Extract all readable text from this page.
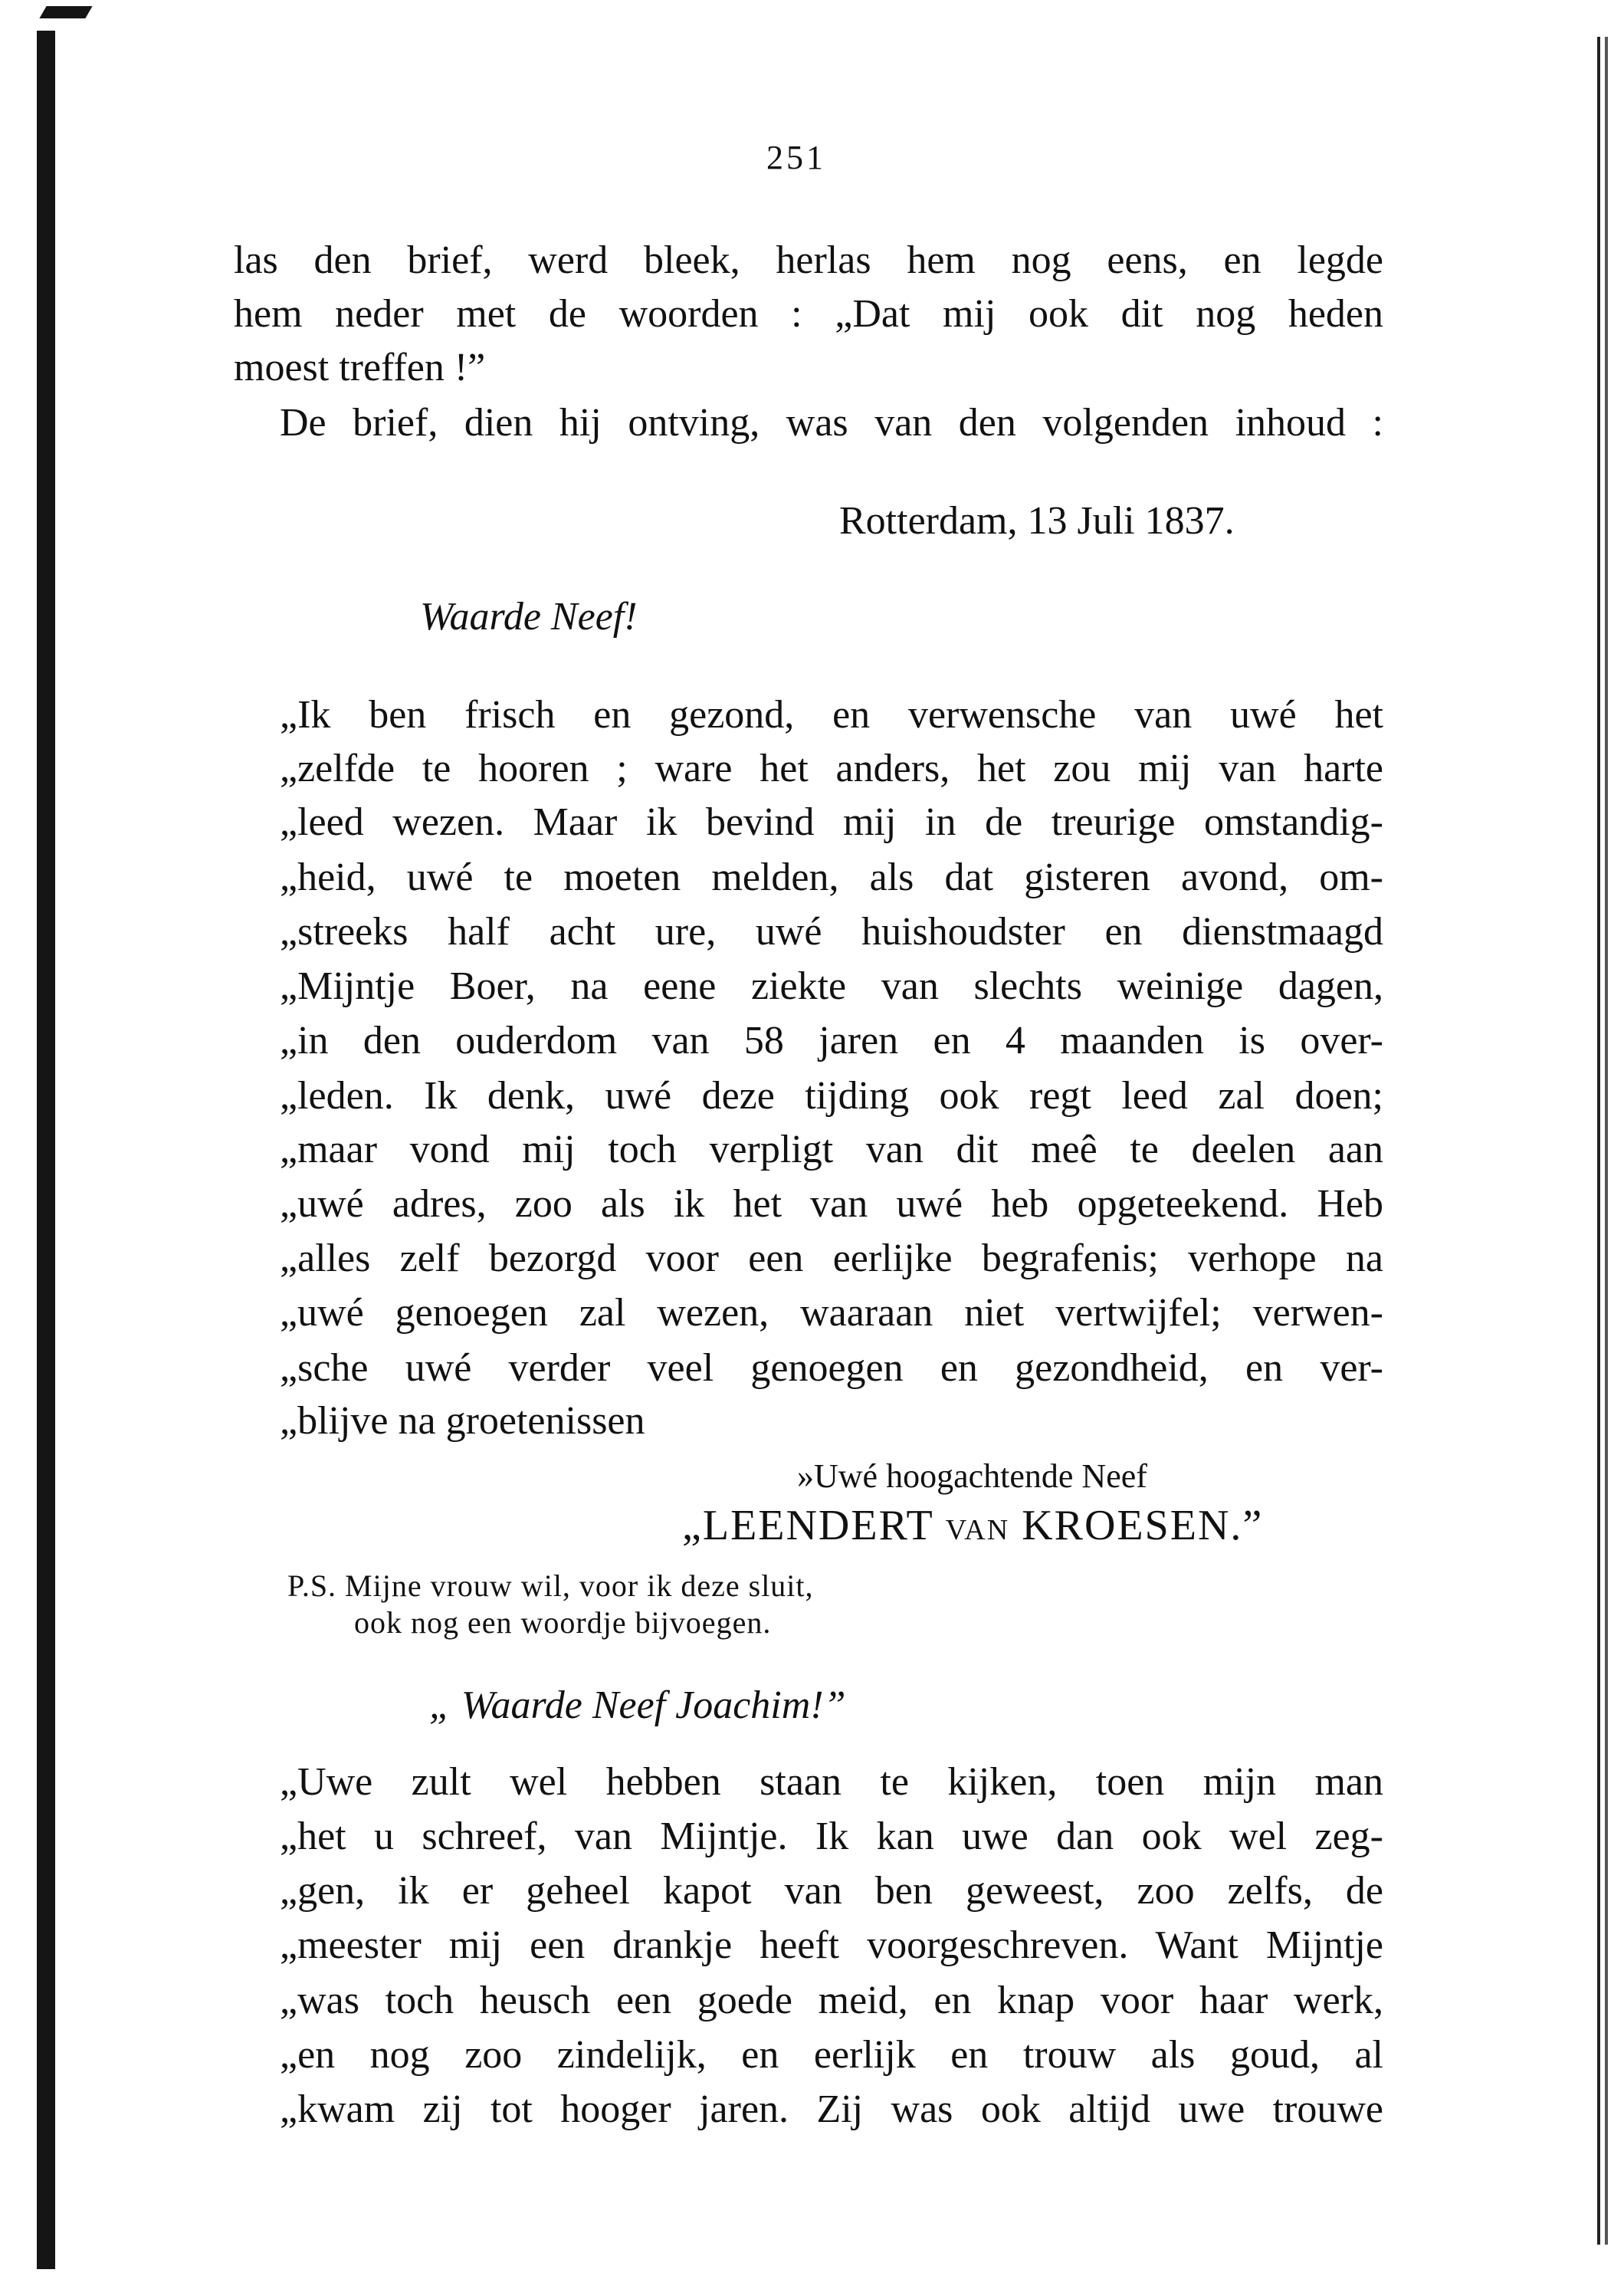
251
las den brief, werd bleek, herlas hem nog eens, en legde
hem neder met de woorden : „Dat mij ook dit nog heden
moest treffen !”
De brief, dien hij ontving, was van den volgenden inhoud :
Rotterdam, 13 Juli 1837.
Waarde Neef!
„Ik ben frisch en gezond, en verwensche van uwé het
„zelfde te hooren ; ware het anders, het zou mij van harte
„leed wezen. Maar ik bevind mij in de treurige omstandig-
„heid, uwé te moeten melden, als dat gisteren avond, om-
„streeks half acht ure, uwé huishoudster en dienstmaagd
„Mijntje Boer, na eene ziekte van slechts weinige dagen,
„in den ouderdom van 58 jaren en 4 maanden is over-
„leden. Ik denk, uwé deze tijding ook regt leed zal doen;
„maar vond mij toch verpligt van dit meê te deelen aan
„uwé adres, zoo als ik het van uwé heb opgeteekend. Heb
„alles zelf bezorgd voor een eerlijke begrafenis; verhope na
„uwé genoegen zal wezen, waaraan niet vertwijfel; verwen-
„sche uwé verder veel genoegen en gezondheid, en ver-
„blijve na groetenissen
»Uwé hoogachtende Neef
„LEENDERT VAN KROESEN.”
P.S. Mijne vrouw wil, voor ik deze sluit,
ook nog een woordje bijvoegen.
„ Waarde Neef Joachim!”
„Uwe zult wel hebben staan te kijken, toen mijn man
„het u schreef, van Mijntje. Ik kan uwe dan ook wel zeg-
„gen, ik er geheel kapot van ben geweest, zoo zelfs, de
„meester mij een drankje heeft voorgeschreven. Want Mijntje
„was toch heusch een goede meid, en knap voor haar werk,
„en nog zoo zindelijk, en eerlijk en trouw als goud, al
„kwam zij tot hooger jaren. Zij was ook altijd uwe trouwe
